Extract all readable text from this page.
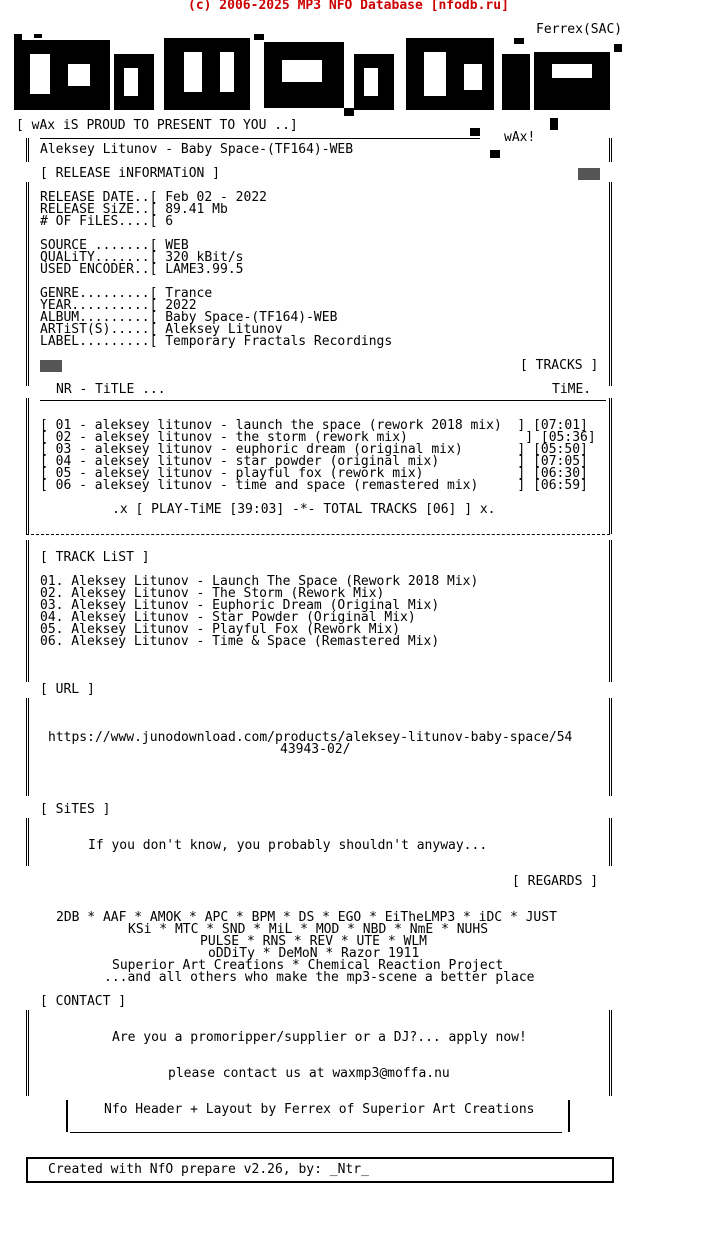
(c) 2006-2025 MP3 NFO Database [nfodb.ru]
Ferrex(SAC)
[ wAx iS PROUD TO PRESENT TO YOU ..]
wAx!
Aleksey Litunov - Baby Space-(TF164)-WEB
[ RELEASE iNFORMATiON ]
RELEASE DATE..[ Feb 02 - 2022
RELEASE SiZE..[ 89.41 Mb
# OF FiLES....[ 6
SOURCE .......[ WEB
QUALiTY.......[ 320 kBit/s
USED ENCODER..[ LAME3.99.5
GENRE.........[ Trance
YEAR..........[ 2022
ALBUM.........[ Baby Space-(TF164)-WEB
ARTiST(S).....[ Aleksey Litunov
LABEL.........[ Temporary Fractals Recordings
[ TRACKS ]
NR - TiTLE ...	TiME.
[ 01 - aleksey litunov - launch the space (rework 2018 mix)  ] [07:01]
[ 02 - aleksey litunov - the storm (rework mix)               ] [05:36]
[ 03 - aleksey litunov - euphoric dream (original mix)       ] [05:50]
[ 04 - aleksey litunov - star powder (original mix)          ] [07:05]
[ 05 - aleksey litunov - playful fox (rework mix)            ] [06:30]
[ 06 - aleksey litunov - time and space (remastered mix)     ] [06:59]
.x [ PLAY-TiME [39:03] -*- TOTAL TRACKS [06] ] x.
[ TRACK LiST ]
01. Aleksey Litunov - Launch The Space (Rework 2018 Mix)
02. Aleksey Litunov - The Storm (Rework Mix)
03. Aleksey Litunov - Euphoric Dream (Original Mix)
04. Aleksey Litunov - Star Powder (Original Mix)
05. Aleksey Litunov - Playful Fox (Rework Mix)
06. Aleksey Litunov - Time & Space (Remastered Mix)
[ URL ]
https://www.junodownload.com/products/aleksey-litunov-baby-space/54
43943-02/
[ SiTES ]
If you don't know, you probably shouldn't anyway...
[ REGARDS ]
2DB * AAF * AMOK * APC * BPM * DS * EGO * EiTheLMP3 * iDC * JUST
KSi * MTC * SND * MiL * MOD * NBD * NmE * NUHS
PULSE * RNS * REV * UTE * WLM
oDDiTy * DeMoN * Razor 1911
Superior Art Creations * Chemical Reaction Project
...and all others who make the mp3-scene a better place
[ CONTACT ]
Are you a promoripper/supplier or a DJ?... apply now!
please contact us at waxmp3@moffa.nu
Nfo Header + Layout by Ferrex of Superior Art Creations
Created with NfO prepare v2.26, by: _Ntr_
